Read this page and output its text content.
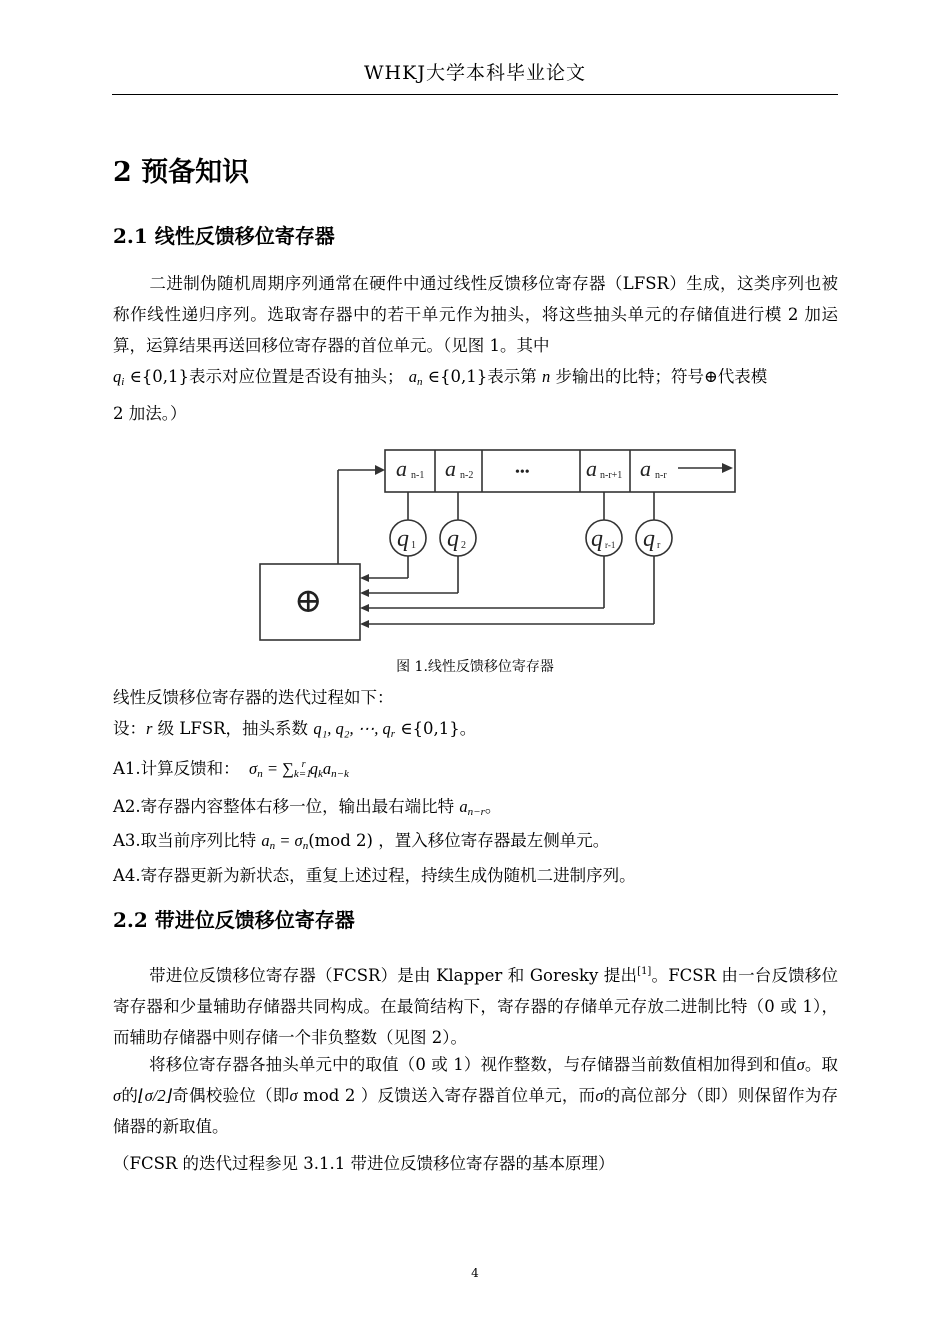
WHKJ大学本科毕业论文
2 预备知识
2.1 线性反馈移位寄存器
二进制伪随机周期序列通常在硬件中通过线性反馈移位寄存器（LFSR）生成，这类序列也被称作线性递归序列。选取寄存器中的若干单元作为抽头，将这些抽头单元的存储值进行模 2 加运算，运算结果再送回移位寄存器的首位单元。（见图 1。其中
$q_i$ ∈{0,1}表示对应位置是否设有抽头； $a_n$ ∈{0,1}表示第 n 步输出的比特；符号⊕代表模
2 加法。）
a n-1 a n-2	•••	a n-r+1 a n-r
q 1 q 2	q r-1 q r
⊕
图 1.线性反馈移位寄存器
线性反馈移位寄存器的迭代过程如下：
设：r 级 LFSR，抽头系数 q₁, q₂, ⋯, $q_r$ ∈{0,1}。
A1.计算反馈和：  $\sigma_n = \sum_{k=1}^r$ $q_ka_{n-k}$
A2.寄存器内容整体右移一位，输出最右端比特 $a_{n-r}$。
A3.取当前序列比特 $a_n = \sigma_n(mod$ 2) ，置入移位寄存器最左侧单元。
A4.寄存器更新为新状态，重复上述过程，持续生成伪随机二进制序列。
2.2 带进位反馈移位寄存器
带进位反馈移位寄存器（FCSR）是由 Klapper 和 Goresky 提出[1]。FCSR 由一台反馈移位寄存器和少量辅助存储器共同构成。在最简结构下，寄存器的存储单元存放二进制比特（0 或 1），而辅助存储器中则存储一个非负整数（见图 2）。
将移位寄存器各抽头单元中的取值（0 或 1）视作整数，与存储器当前数值相加得到和值σ。取σ的⌊σ/2⌋奇偶校验位（即σ mod 2 ）反馈送入寄存器首位单元，而σ的高位部分（即）则保留作为存储器的新取值。
（FCSR 的迭代过程参见 3.1.1 带进位反馈移位寄存器的基本原理）
4
